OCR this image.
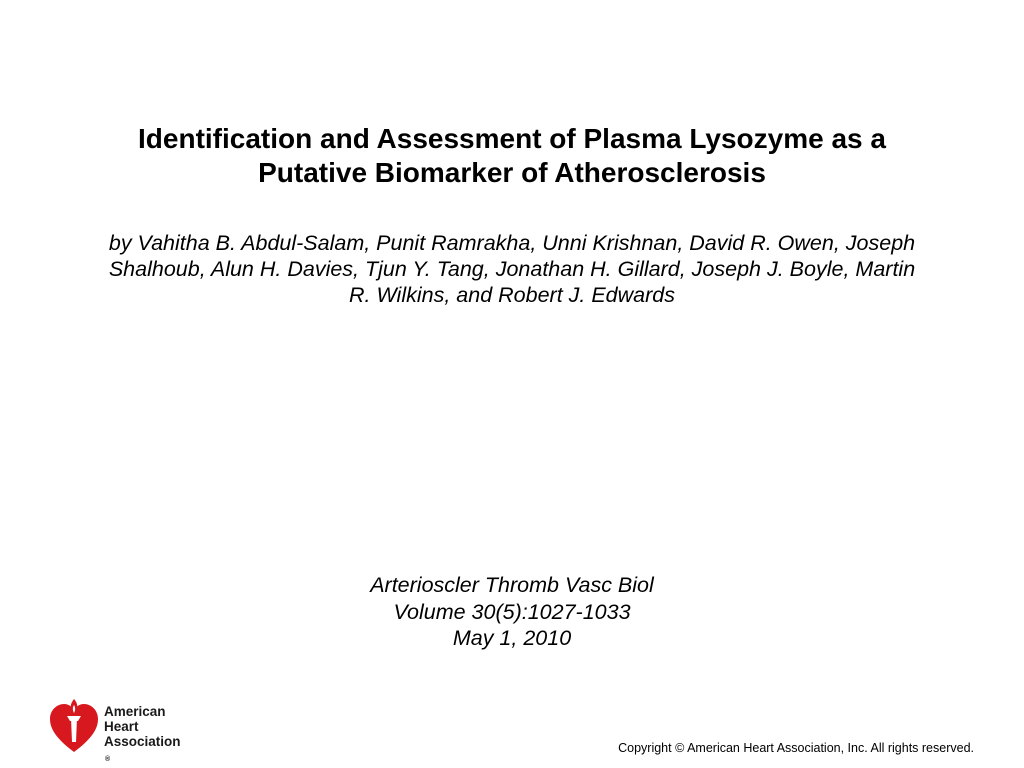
Identification and Assessment of Plasma Lysozyme as a
Putative Biomarker of Atherosclerosis

by Vahitha B. Abdul-Salam, Punit Ramrakha, Unni Krishnan, David R. Owen, Joseph
Shalhoub, Alun H. Davies, Tjun Y. Tang, Jonathan H. Gillard, Joseph J. Boyle, Martin
R. Wilkins, and Robert J. Edwards

Arterioscler Thromb Vasc Biol
Volume 30(5):1027-1033
May 1, 2010
American
Heart
Association
®
Copyright © American Heart Association, Inc. All rights reserved.
